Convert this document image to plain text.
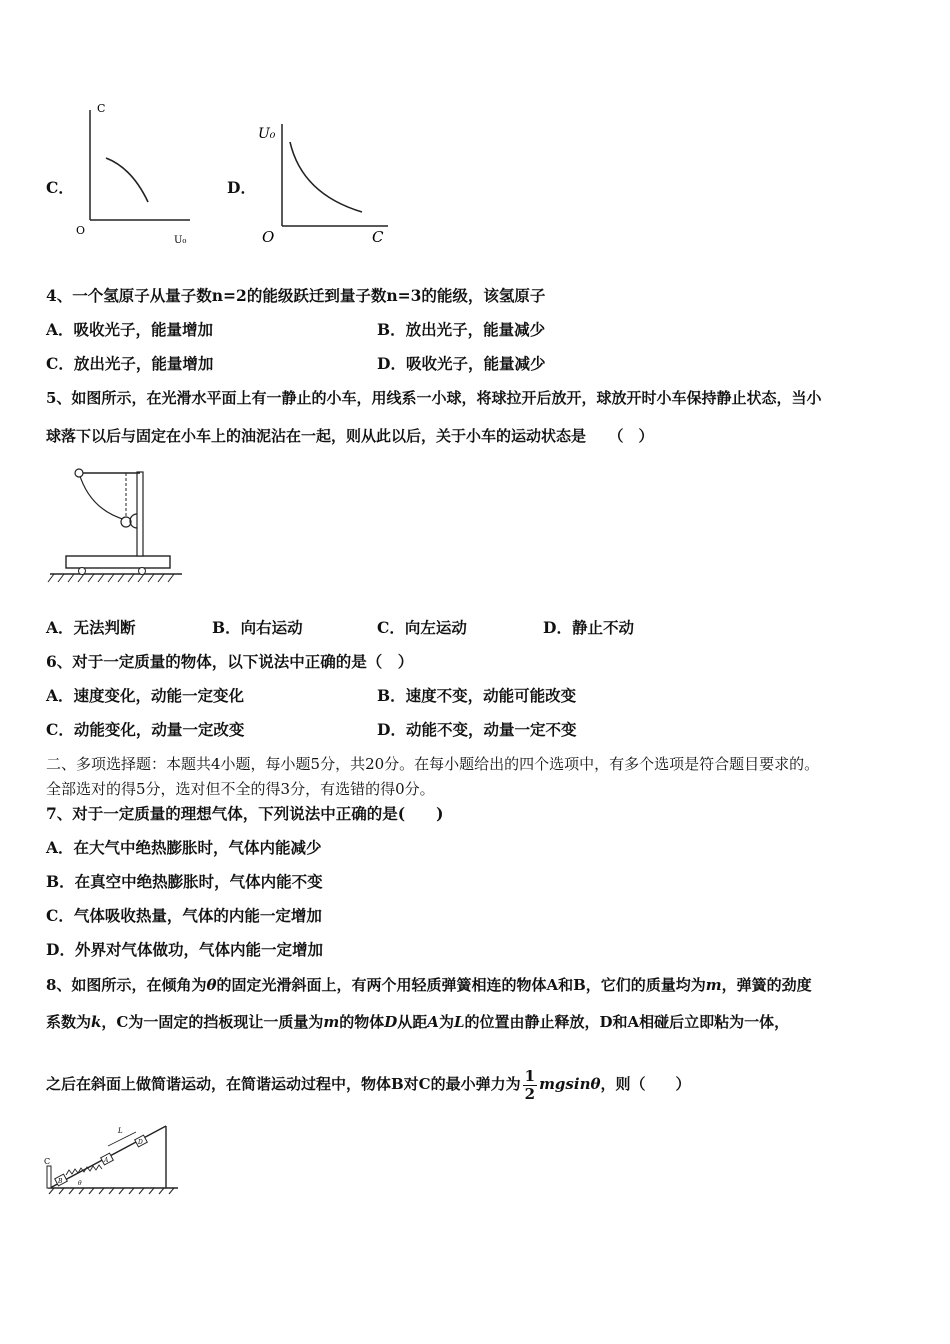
C．
C
O
U₀
D．
U₀
O	C
4、一个氢原子从量子数n=2的能级跃迁到量子数n=3的能级，该氢原子
A．吸收光子，能量增加	B．放出光子，能量减少
C．放出光子，能量增加	D．吸收光子，能量减少
5、如图所示，在光滑水平面上有一静止的小车，用线系一小球，将球拉开后放开，球放开时小车保持静止状态，当小
球落下以后与固定在小车上的油泥沾在一起，则从此以后，关于小车的运动状态是　　（　）
A．无法判断	B．向右运动	C．向左运动	D．静止不动
6、对于一定质量的物体，以下说法中正确的是（　）
A．速度变化，动能一定变化	B．速度不变，动能可能改变
C．动能变化，动量一定改变	D．动能不变，动量一定不变
二、多项选择题：本题共4小题，每小题5分，共20分。在每小题给出的四个选项中，有多个选项是符合题目要求的。
全部选对的得5分，选对但不全的得3分，有选错的得0分。
7、对于一定质量的理想气体，下列说法中正确的是(　　)
A．在大气中绝热膨胀时，气体内能减少
B．在真空中绝热膨胀时，气体内能不变
C．气体吸收热量，气体的内能一定增加
D．外界对气体做功，气体内能一定增加
8、如图所示，在倾角为θ的固定光滑斜面上，有两个用轻质弹簧相连的物体A和B，它们的质量均为m，弹簧的劲度
系数为k，C为一固定的挡板现让一质量为m的物体D从距A为L的位置由静止释放，D和A相碰后立即粘为一体，
之后在斜面上做简谐运动，在简谐运动过程中，物体B对C的最小弹力为 $\frac{1}{2}$ mgsinθ，则（　　）
C
B
A
D
L
θ
